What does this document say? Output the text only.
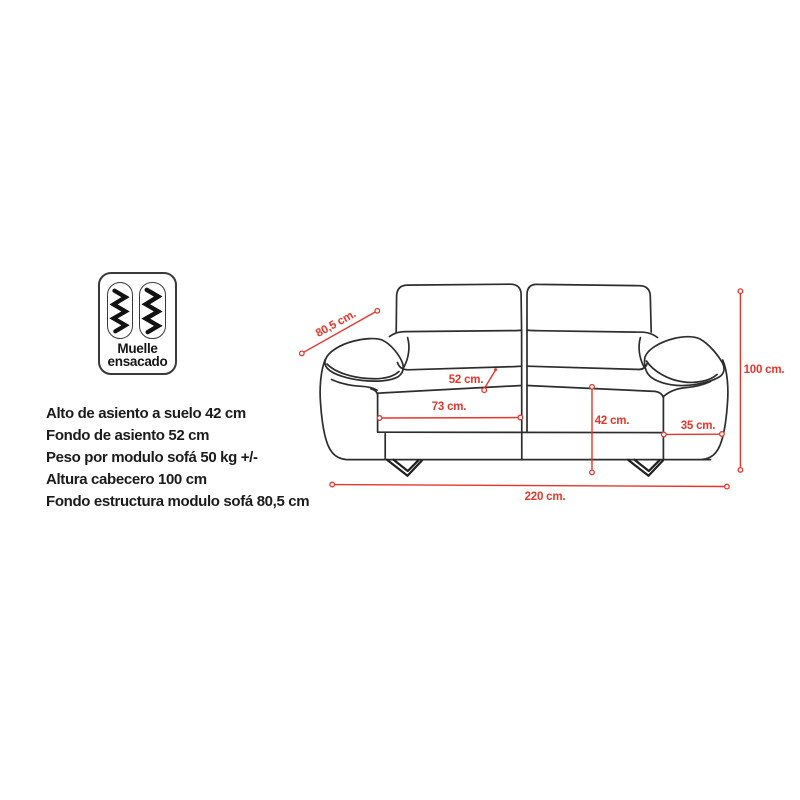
80,5 cm.
52 cm.
73 cm.
42 cm.	35 cm.
100 cm.
220 cm.
Muelle
ensacado
Alto de asiento a suelo 42 cm
Fondo de asiento 52 cm
Peso por modulo sofá 50 kg +/-
Altura cabecero 100 cm
Fondo estructura modulo sofá 80,5 cm
